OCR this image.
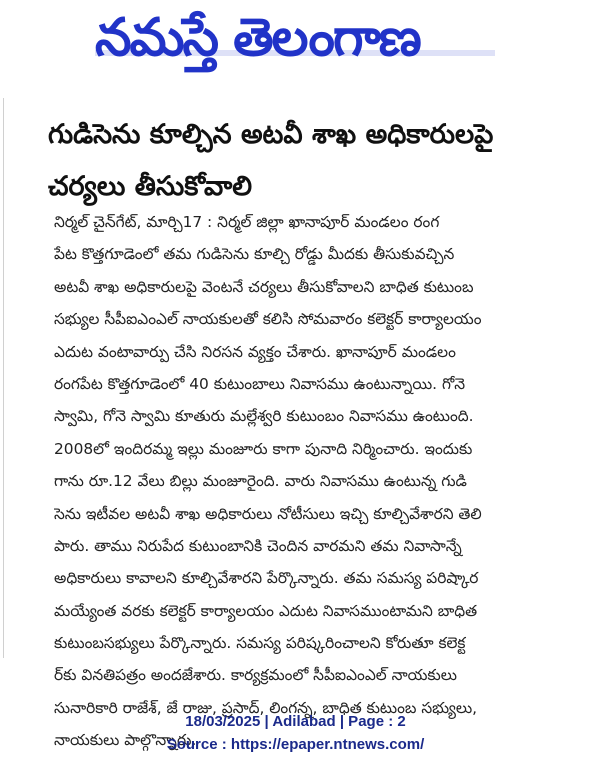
నమస్తే తెలంగాణ
గుడిసెను కూల్చిన అటవీ శాఖ అధికారులపై
చర్యలు తీసుకోవాలి
నిర్మల్ చైన్‌గేట్, మార్చి17 : నిర్మల్ జిల్లా ఖానాపూర్ మండలం రంగ
పేట కొత్తగూడెంలో తమ గుడిసెను కూల్చి రోడ్డు మీదకు తీసుకువచ్చిన
అటవీ శాఖ అధికారులపై వెంటనే చర్యలు తీసుకోవాలని బాధిత కుటుంబ
సభ్యుల సీపీఐఎంఎల్ నాయకులతో కలిసి సోమవారం కలెక్టర్ కార్యాలయం
ఎదుట వంటావార్పు చేసి నిరసన వ్యక్తం చేశారు. ఖానాపూర్ మండలం
రంగపేట కొత్తగూడెంలో 40 కుటుంబాలు నివాసము ఉంటున్నాయి. గోనె
స్వామి, గోనె స్వామి కూతురు మల్లేశ్వరి కుటుంబం నివాసము ఉంటుంది.
2008లో ఇందిరమ్మ ఇల్లు మంజూరు కాగా పునాది నిర్మించారు. ఇందుకు
గాను రూ.12 వేలు బిల్లు మంజూరైంది. వారు నివాసము ఉంటున్న గుడి
సెను ఇటీవల అటవీ శాఖ అధికారులు నోటీసులు ఇచ్చి కూల్చివేశారని తెలి
పారు. తాము నిరుపేద కుటుంబానికి చెందిన వారమని తమ నివాసాన్నే
అధికారులు కావాలని కూల్చివేశారని పేర్కొన్నారు. తమ సమస్య పరిష్కార
మయ్యేంత వరకు కలెక్టర్ కార్యాలయం ఎదుట నివాసముంటామని బాధిత
కుటుంబసభ్యులు పేర్కొన్నారు. సమస్య పరిష్కరించాలని కోరుతూ కలెక్ట
ర్‌కు వినతిపత్రం అందజేశారు. కార్యక్రమంలో సీపీఐఎంఎల్ నాయకులు
సునారికారి రాజేశ్, జే రాజు, ప్రసాద్, లింగన్న, బాధిత కుటుంబ సభ్యులు,
నాయకులు పాల్గొన్నారు.
18/03/2025 | Adilabad | Page : 2
Source : https://epaper.ntnews.com/
